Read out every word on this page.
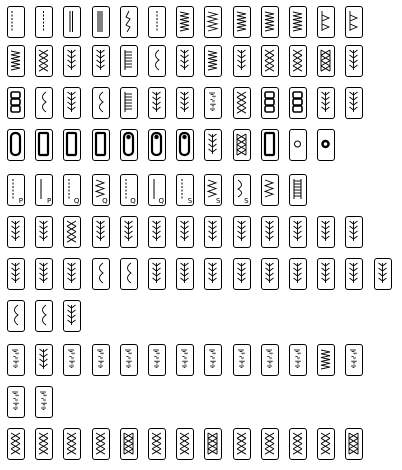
P	P	Q	Q	Q	Q	S	S	S
